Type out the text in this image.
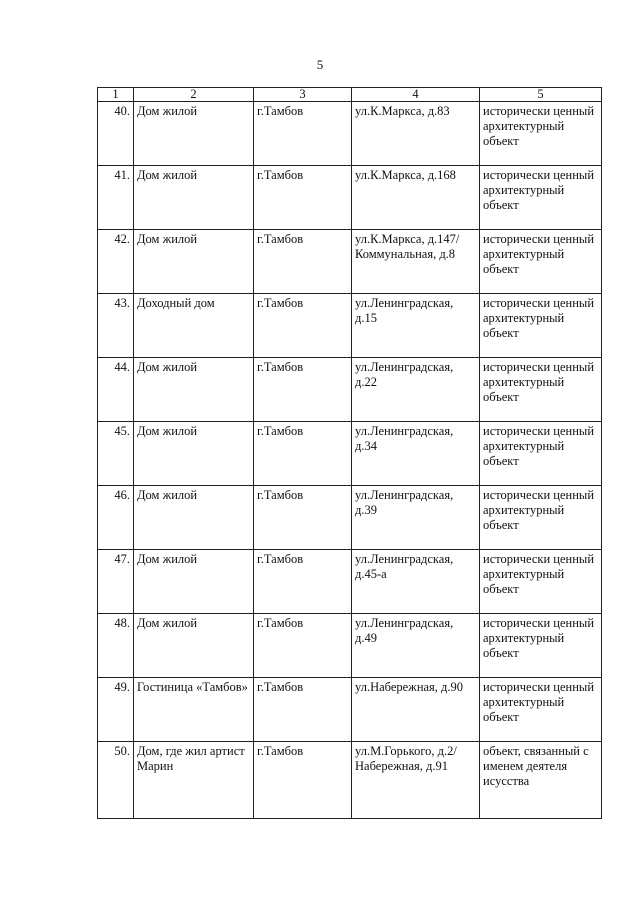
5
1	2	3	4	5
40.	Дом жилой	г.Тамбов	ул.К.Маркса, д.83	исторически ценный архитектурный объект
41.	Дом жилой	г.Тамбов	ул.К.Маркса, д.168	исторически ценный архитектурный объект
42.	Дом жилой	г.Тамбов	ул.К.Маркса, д.147/ Коммунальная, д.8	исторически ценный архитектурный объект
43.	Доходный дом	г.Тамбов	ул.Ленинградская, д.15	исторически ценный архитектурный объект
44.	Дом жилой	г.Тамбов	ул.Ленинградская, д.22	исторически ценный архитектурный объект
45.	Дом жилой	г.Тамбов	ул.Ленинградская, д.34	исторически ценный архитектурный объект
46.	Дом жилой	г.Тамбов	ул.Ленинградская, д.39	исторически ценный архитектурный объект
47.	Дом жилой	г.Тамбов	ул.Ленинградская, д.45-а	исторически ценный архитектурный объект
48.	Дом жилой	г.Тамбов	ул.Ленинградская, д.49	исторически ценный архитектурный объект
49.	Гостиница «Тамбов»	г.Тамбов	ул.Набережная, д.90	исторически ценный архитектурный объект
50.	Дом, где жил артист Марин	г.Тамбов	ул.М.Горького, д.2/ Набережная, д.91	объект, связанный с именем деятеля исусства
